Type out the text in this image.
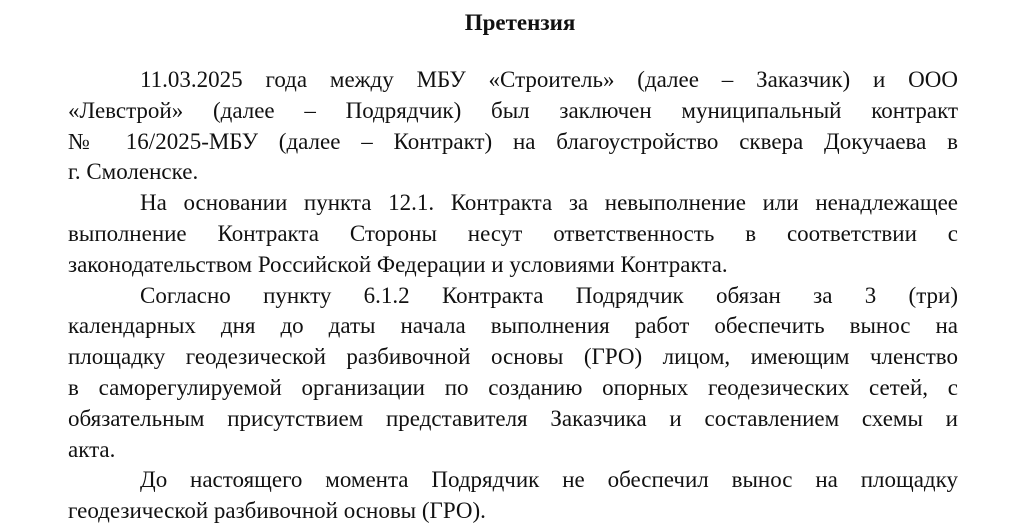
Претензия
11.03.2025 года между МБУ «Строитель» (далее – Заказчик) и ООО
«Левстрой» (далее – Подрядчик) был заключен муниципальный контракт
№ 16/2025-МБУ (далее – Контракт) на благоустройство сквера Докучаева в
г. Смоленске.
На основании пункта 12.1. Контракта за невыполнение или ненадлежащее
выполнение Контракта Стороны несут ответственность в соответствии с
законодательством Российской Федерации и условиями Контракта.
Согласно пункту 6.1.2 Контракта Подрядчик обязан за 3 (три)
календарных дня до даты начала выполнения работ обеспечить вынос на
площадку геодезической разбивочной основы (ГРО) лицом, имеющим членство
в саморегулируемой организации по созданию опорных геодезических сетей, с
обязательным присутствием представителя Заказчика и составлением схемы и
акта.
До настоящего момента Подрядчик не обеспечил вынос на площадку
геодезической разбивочной основы (ГРО).
